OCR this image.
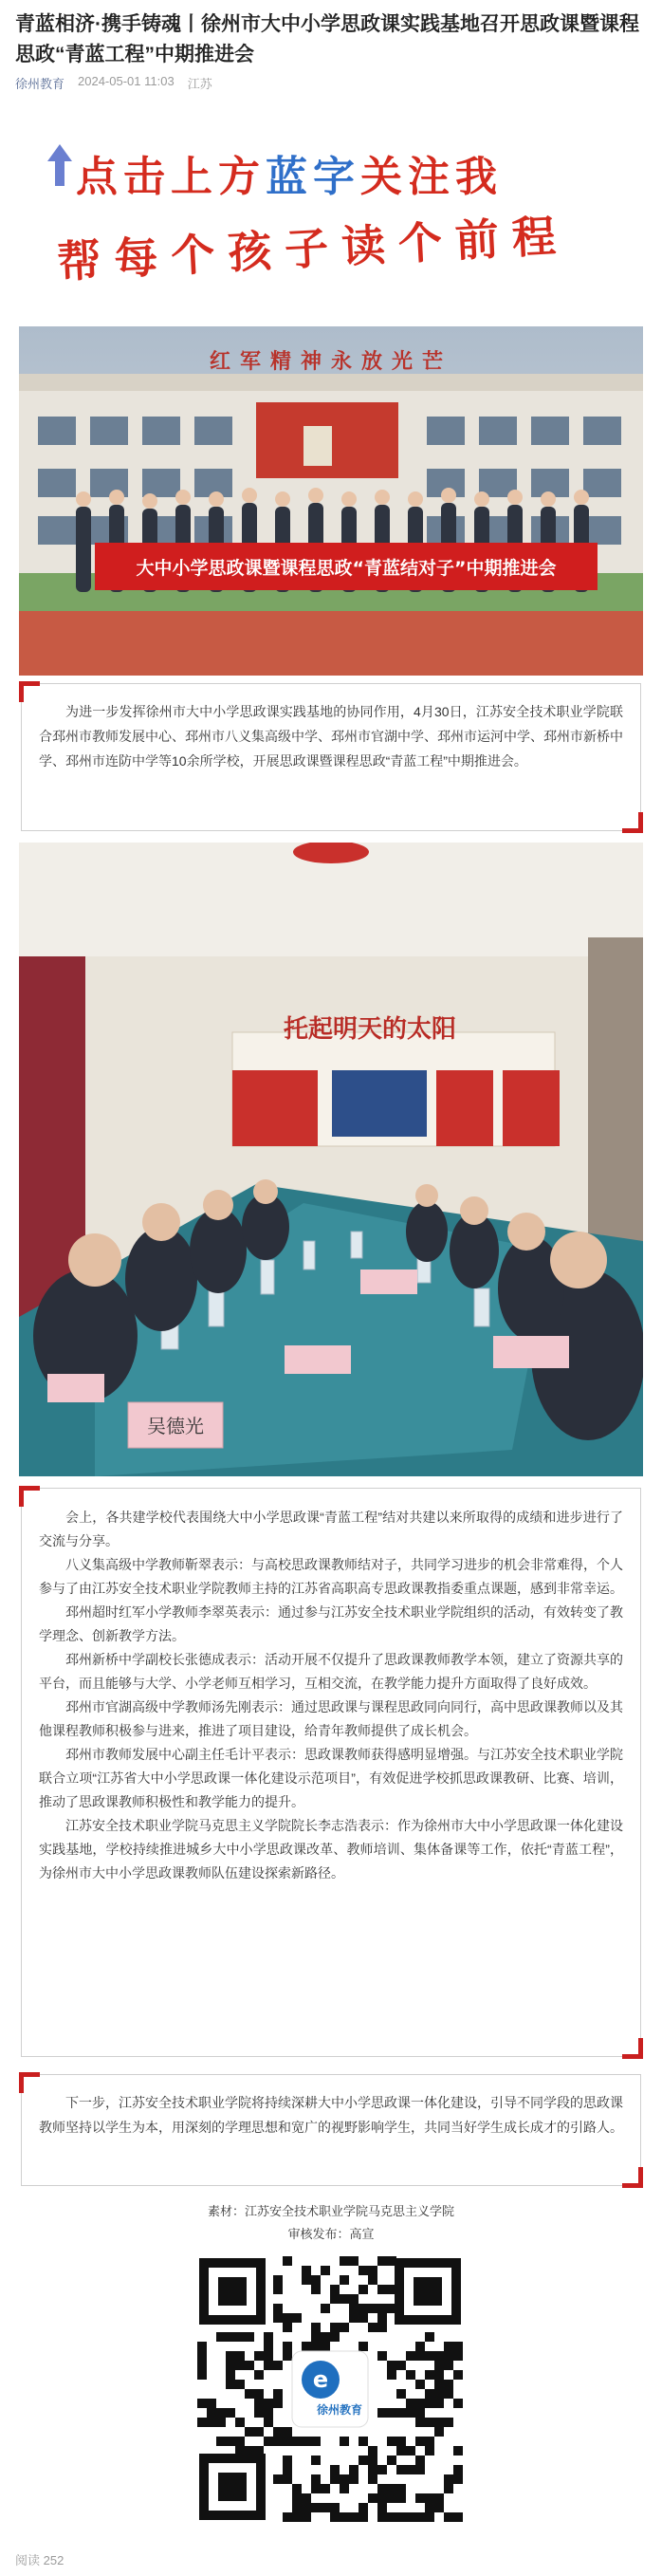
青蓝相济·携手铸魂丨徐州市大中小学思政课实践基地召开思政课暨课程思政“青蓝工程”中期推进会
徐州教育 2024-05-01 11:03 江苏
点击上方蓝字关注我
帮每个孩子读个前程
红军精神永放光芒
大中小学思政课暨课程思政“青蓝结对子”中期推进会

为进一步发挥徐州市大中小学思政课实践基地的协同作用，4月30日，江苏安全技术职业学院联合邳州市教师发展中心、邳州市八义集高级中学、邳州市官湖中学、邳州市运河中学、邳州市新桥中学、邳州市连防中学等10余所学校，开展思政课暨课程思政“青蓝工程”中期推进会。

托起明天的太阳
吴德光

会上，各共建学校代表围绕大中小学思政课“青蓝工程”结对共建以来所取得的成绩和进步进行了交流与分享。

八义集高级中学教师靳翠表示：与高校思政课教师结对子，共同学习进步的机会非常难得，个人参与了由江苏安全技术职业学院教师主持的江苏省高职高专思政课教指委重点课题，感到非常幸运。

邳州超时红军小学教师李翠英表示：通过参与江苏安全技术职业学院组织的活动，有效转变了教学理念、创新教学方法。

邳州新桥中学副校长张德成表示：活动开展不仅提升了思政课教师教学本领，建立了资源共享的平台，而且能够与大学、小学老师互相学习，互相交流，在教学能力提升方面取得了良好成效。

邳州市官湖高级中学教师汤先刚表示：通过思政课与课程思政同向同行，高中思政课教师以及其他课程教师积极参与进来，推进了项目建设，给青年教师提供了成长机会。

邳州市教师发展中心副主任毛计平表示：思政课教师获得感明显增强。与江苏安全技术职业学院联合立项“江苏省大中小学思政课一体化建设示范项目”，有效促进学校抓思政课教研、比赛、培训，推动了思政课教师积极性和教学能力的提升。

江苏安全技术职业学院马克思主义学院院长李志浩表示：作为徐州市大中小学思政课一体化建设实践基地，学校持续推进城乡大中小学思政课改革、教师培训、集体备课等工作，依托“青蓝工程”，为徐州市大中小学思政课教师队伍建设探索新路径。

下一步，江苏安全技术职业学院将持续深耕大中小学思政课一体化建设，引导不同学段的思政课教师坚持以学生为本，用深刻的学理思想和宽广的视野影响学生，共同当好学生成长成才的引路人。

素材：江苏安全技术职业学院马克思主义学院
审核发布：高宣
e
徐州教育
阅读 252
